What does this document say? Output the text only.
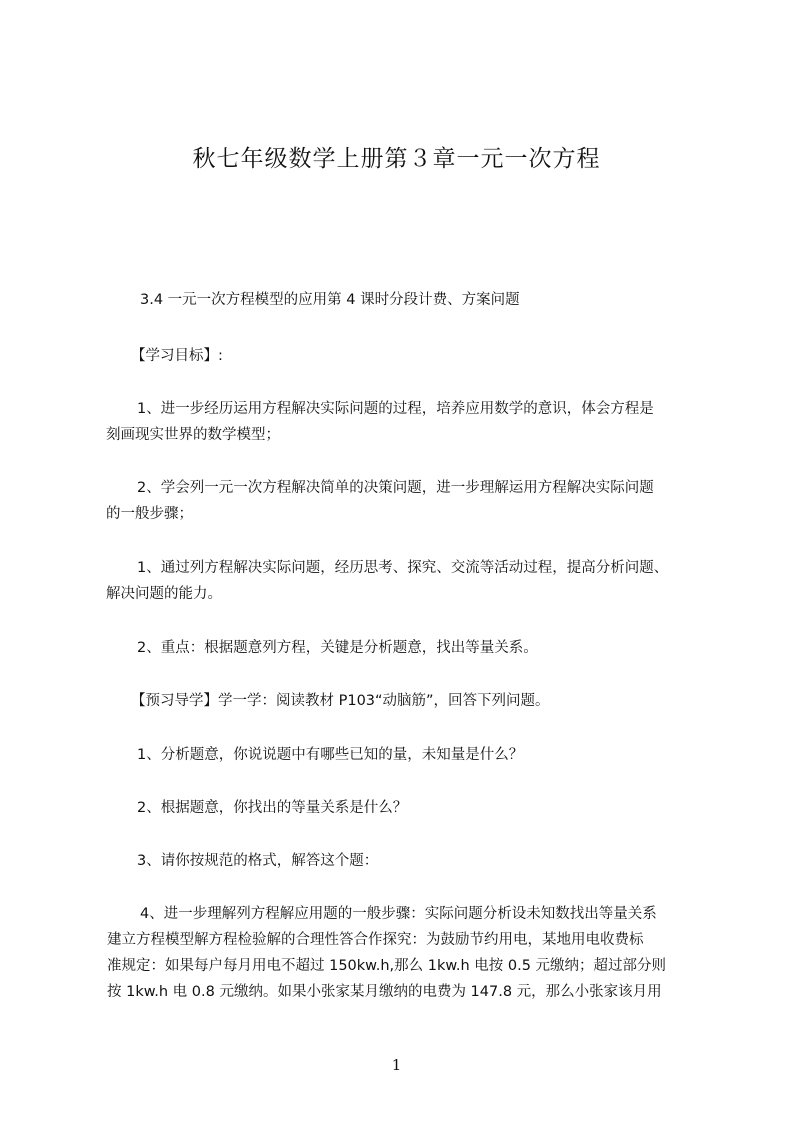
秋七年级数学上册第３章一元一次方程
3.4 一元一次方程模型的应用第 4 课时分段计费、方案问题
【学习目标】:
1、进一步经历运用方程解决实际问题的过程，培养应用数学的意识，体会方程是
刻画现实世界的数学模型；
2、学会列一元一次方程解决简单的决策问题，进一步理解运用方程解决实际问题
的一般步骤；
1、通过列方程解决实际问题，经历思考、探究、交流等活动过程，提高分析问题、
解决问题的能力。
2、重点：根据题意列方程，关键是分析题意，找出等量关系。
【预习导学】学一学：阅读教材 P103“动脑筋”，回答下列问题。
1、分析题意，你说说题中有哪些已知的量，未知量是什么？
2、根据题意，你找出的等量关系是什么？
3、请你按规范的格式，解答这个题：
4、进一步理解列方程解应用题的一般步骤：实际问题分析设未知数找出等量关系
建立方程模型解方程检验解的合理性答合作探究：为鼓励节约用电，某地用电收费标
准规定：如果每户每月用电不超过 150kw.h,那么 1kw.h 电按 0.5 元缴纳；超过部分则
按 1kw.h 电 0.8 元缴纳。如果小张家某月缴纳的电费为 147.8 元，那么小张家该月用
1
